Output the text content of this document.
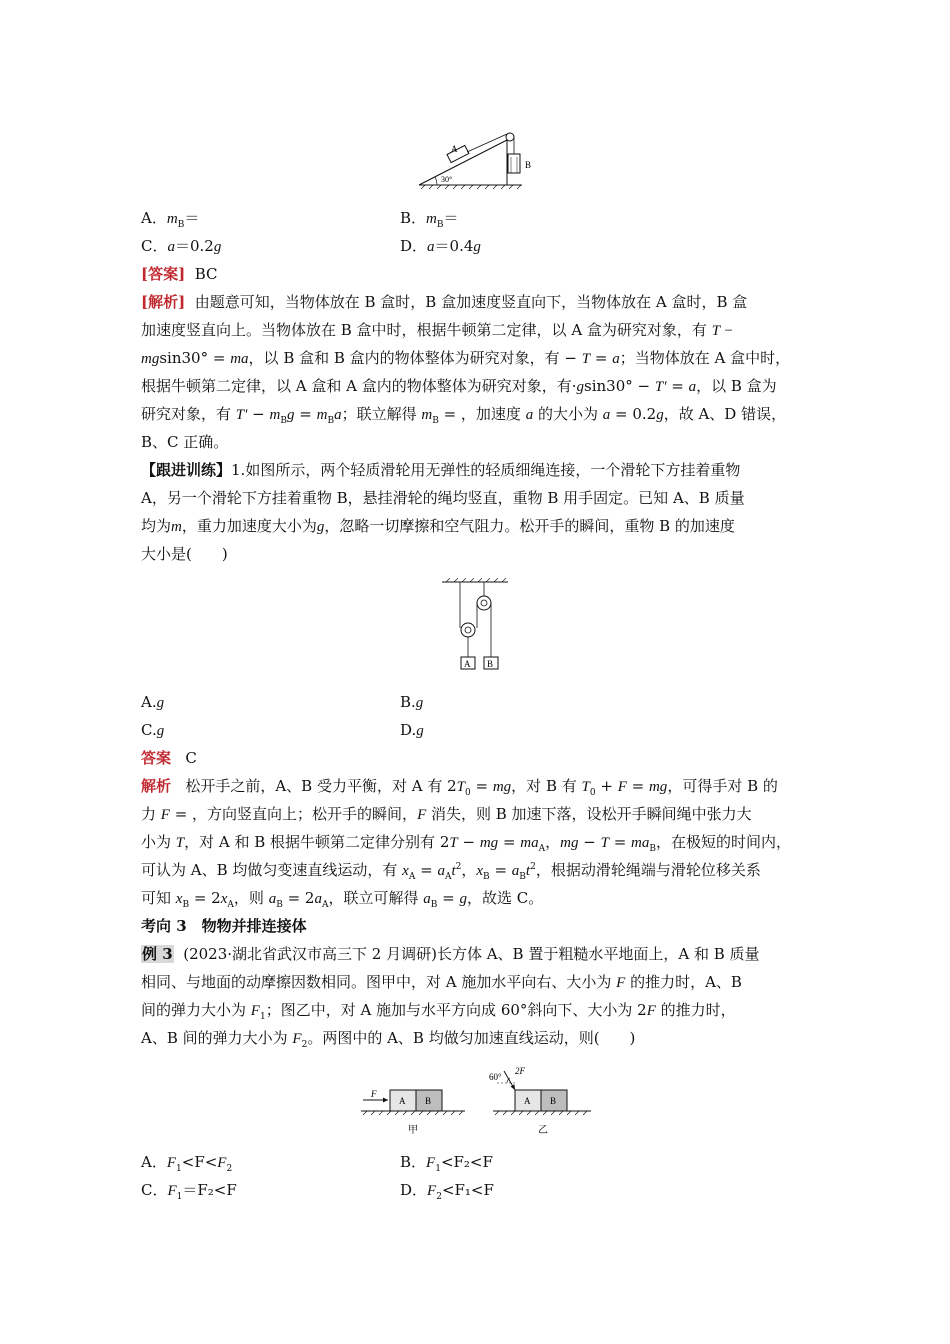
A
B
30°
A．$m_B=$	B．$m_B=$
C．a＝0.2g	D．a＝0.4g
[答案] BC
[解析] 由题意可知，当物体放在 B 盒时，B 盒加速度竖直向下，当物体放在 A 盒时，B 盒
加速度竖直向上。当物体放在 B 盒中时，根据牛顿第二定律，以 A 盒为研究对象，有 T −
mgsin30° = ma，以 B 盒和 B 盒内的物体整体为研究对象，有 − T = a；当物体放在 A 盒中时，
根据牛顿第二定律，以 A 盒和 A 盒内的物体整体为研究对象，有·gsin30° − T′ = a，以 B 盒为
研究对象，有 $T' - m_Bg = m_Ba$；联立解得 $m_B$ = ，加速度 a 的大小为 a = 0.2g，故 A、D 错误，
B、C 正确。
【跟进训练】1.如图所示，两个轻质滑轮用无弹性的轻质细绳连接，一个滑轮下方挂着重物
A，另一个滑轮下方挂着重物 B，悬挂滑轮的绳均竖直，重物 B 用手固定。已知 A、B 质量
均为m，重力加速度大小为g，忽略一切摩擦和空气阻力。松开手的瞬间，重物 B 的加速度
大小是(　　)
A B
A.g	B.g
C.g	D.g
答案 C
解析 松开手之前，A、B 受力平衡，对 A 有 $2T_0$ = mg，对 B 有 $T_0 + F$ = mg，可得手对 B 的
力 F = ，方向竖直向上；松开手的瞬间，F 消失，则 B 加速下落，设松开手瞬间绳中张力大
小为 T，对 A 和 B 根据牛顿第二定律分别有 2T − mg = $ma_A$，mg − $T = ma_B$，在极短的时间内，
可认为 A、B 均做匀变速直线运动，有 $x_A = a_At^2$，$x_B = a_Bt^2$，根据动滑轮绳端与滑轮位移关系
可知 $x_B = 2x_A$，则 $a_B = 2a_A$，联立可解得 $a_B = g$，故选 C。
考向 3　物物并排连接体
例 3 (2023·湖北省武汉市高三下 2 月调研)长方体 A、B 置于粗糙水平地面上，A 和 B 质量
相同、与地面的动摩擦因数相同。图甲中，对 A 施加水平向右、大小为 F 的推力时，A、B
间的弹力大小为 $F_1$；图乙中，对 A 施加与水平方向成 60°斜向下、大小为 2F 的推力时，
A、B 间的弹力大小为 $F_2$。两图中的 A、B 均做匀加速直线运动，则(　　)
F
A B
甲
60°
2F
A B
乙
A．$F_1<F<F_2$	B．$F_1<F_2<F$
C．$F_1=F_2<F$	D．$F_2<F_1<F$
